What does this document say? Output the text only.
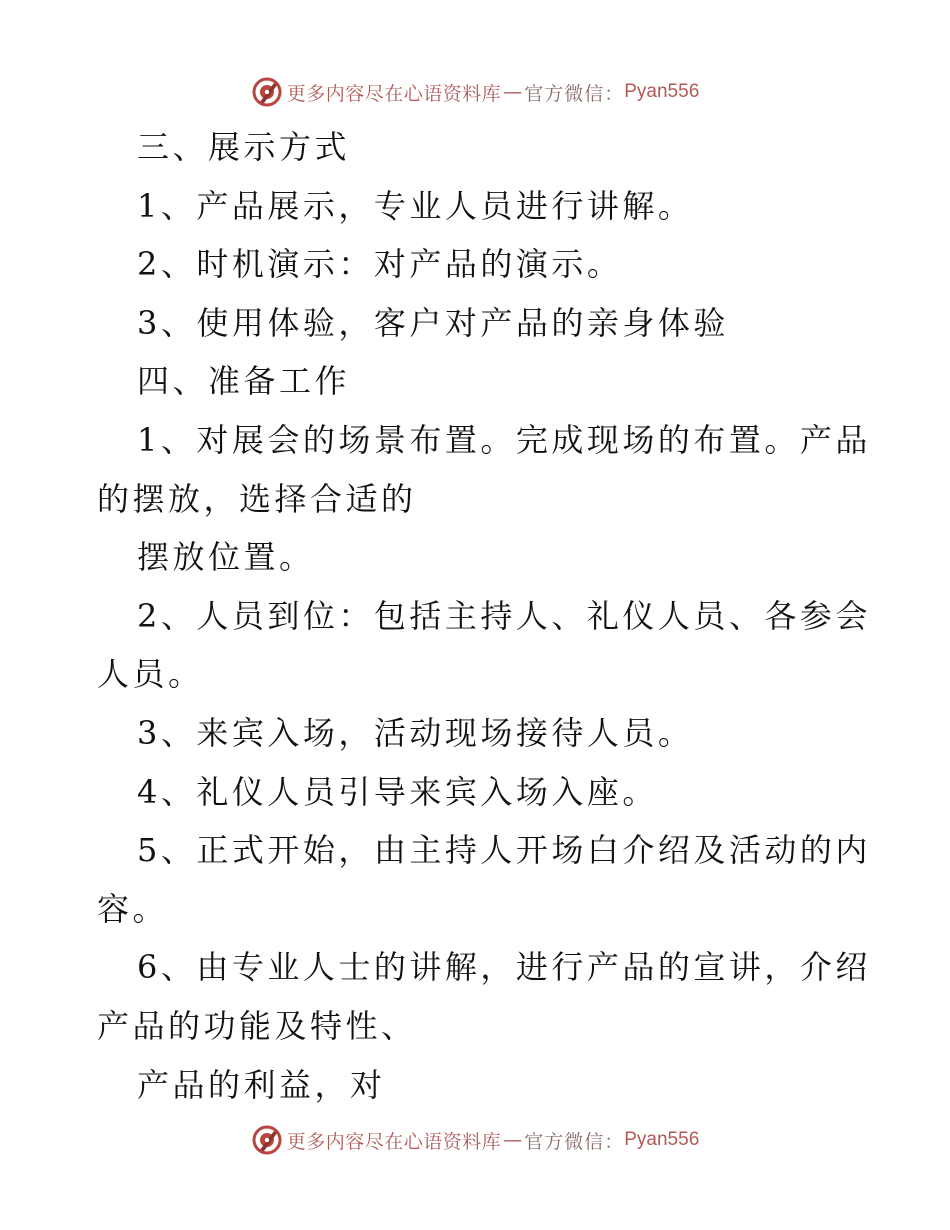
更多内容尽在心语资料库 — 官方微信： Pyan556
三、展示方式
1、产品展示，专业人员进行讲解。
2、时机演示：对产品的演示。
3、使用体验，客户对产品的亲身体验
四、准备工作
1、对展会的场景布置。完成现场的布置。产品
的摆放，选择合适的
摆放位置。
2、人员到位：包括主持人、礼仪人员、各参会
人员。
3、来宾入场，活动现场接待人员。
4、礼仪人员引导来宾入场入座。
5、正式开始，由主持人开场白介绍及活动的内
容。
6、由专业人士的讲解，进行产品的宣讲，介绍
产品的功能及特性、
产品的利益，对
更多内容尽在心语资料库 — 官方微信： Pyan556
